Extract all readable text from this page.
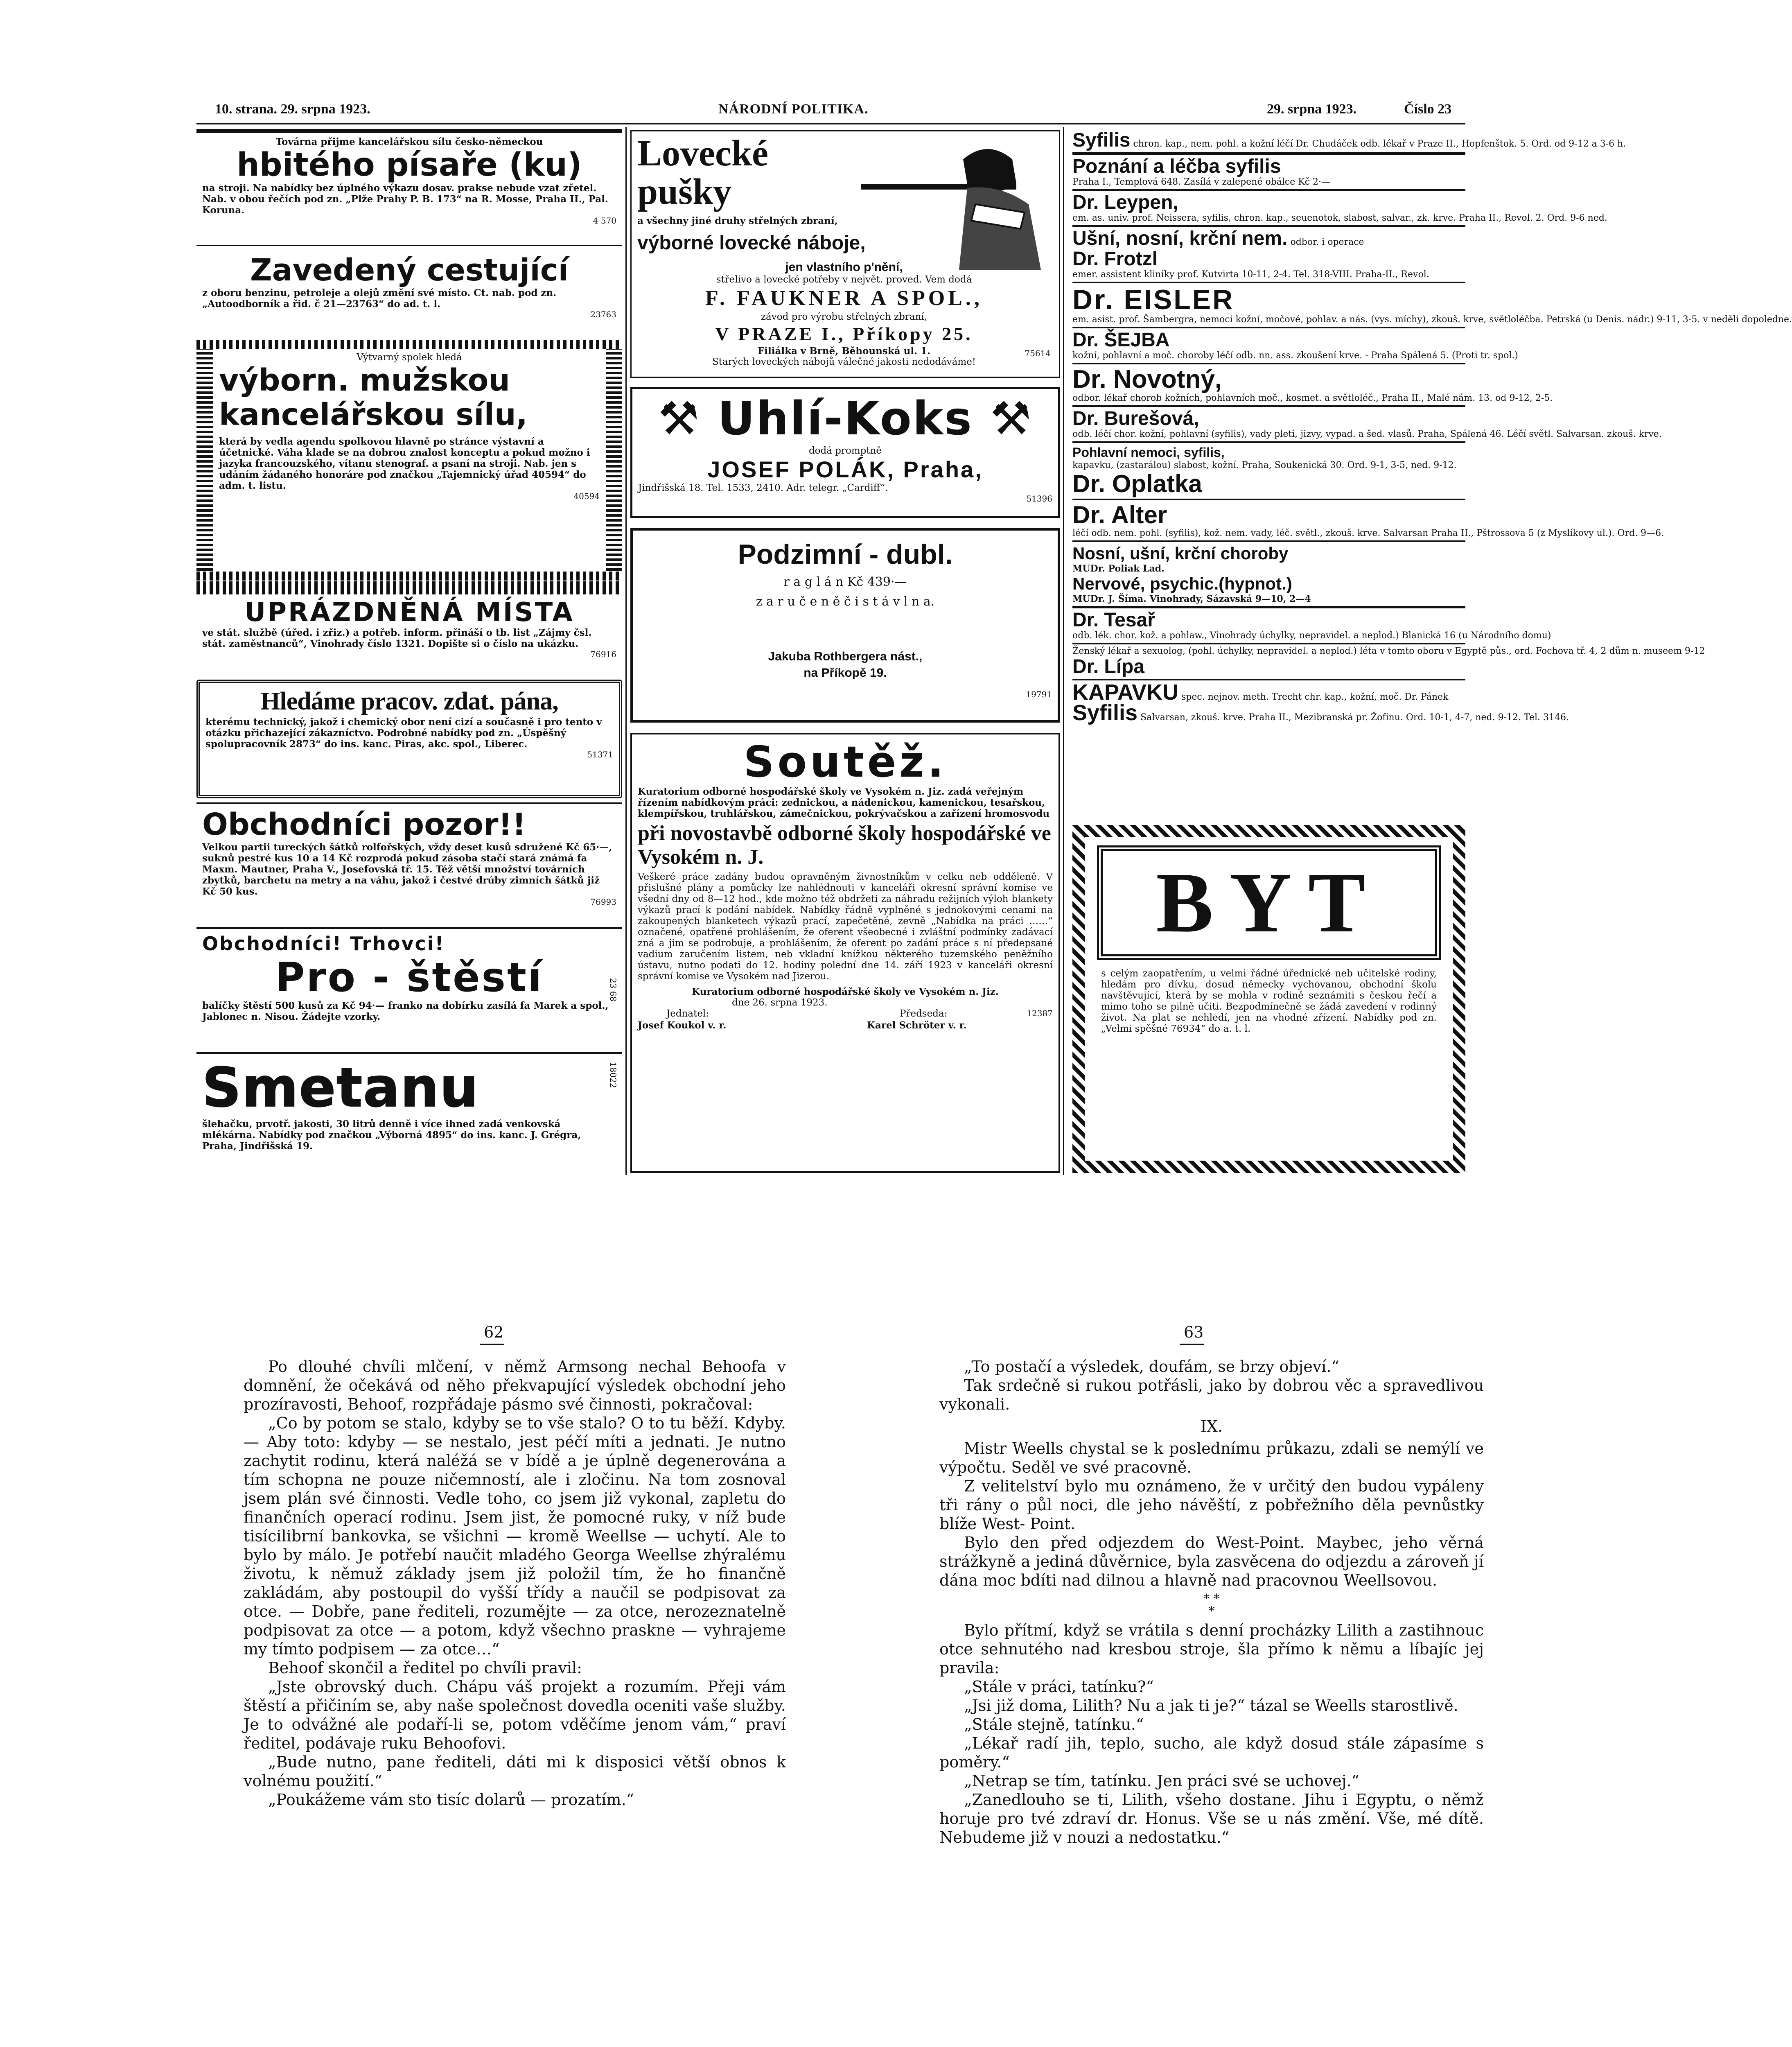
10. strana. 29. srpna 1923.	NÁRODNÍ POLITIKA.	29. srpna 1923.	Číslo 23
Továrna přijme kancelářskou sílu česko-německou
hbitého písaře (ku)
na stroji. Na nabídky bez úplného výkazu dosav. prakse nebude vzat zřetel. Nab. v obou řečích pod zn. „Plže Prahy P. B. 173“ na R. Mosse, Praha II., Pal. Koruna.
4 570
Zavedený cestující
z oboru benzinu, petroleje a olejů změní své místo. Ct. nab. pod zn. „Autoodborník a řid. č 21—23763“ do ad. t. l.
23763
Výtvarný spolek hledá
výborn. mužskou
kancelářskou sílu,
která by vedla agendu spolkovou hlavně po stránce výstavní a účetnické. Váha klade se na dobrou znalost konceptu a pokud možno i jazyka francouzského, vítanu stenograf. a psaní na stroji. Nab. jen s udáním žádaného honoráre pod značkou „Tajemnický úřad 40594“ do adm. t. listu.
40594
UPRÁZDNĚNÁ MÍSTA
ve stát. službě (úřed. i zřiz.) a potřeb. inform. přináší o tb. list „Zájmy čsl. stát. zaměstnanců“, Vinohrady číslo 1321. Dopište si o číslo na ukázku.
76916
Hledáme pracov. zdat. pána,
kterému technický, jakož i chemický obor není cizí a současně i pro tento v otázku přichazející zákazníctvo. Podrobné nabídky pod zn. „Úspěšný spolupracovník 2873“ do ins. kanc. Piras, akc. spol., Liberec.
51371
Obchodníci pozor!!
Velkou partii tureckých šátků rolfořských, vždy deset kusů sdružené Kč 65·—, suknů pestré kus 10 a 14 Kč rozprodá pokud zásoba stačí stará známá fa Maxm. Mautner, Praha V., Josefovská tř. 15. Též větší množství továrních zbytků, barchetu na metry a na váhu, jakož i čestvé drúby zimních šátků již Kč 50 kus.
76993
Obchodníci! Trhovci!
Pro - štěstí
balíčky štěstí 500 kusů za Kč 94·— franko na dobírku zasílá fa Marek a spol., Jablonec n. Nisou. Žádejte vzorky.
23 68
Smetanu
šlehačku, prvotř. jakosti, 30 litrů denně i více ihned zadá venkovská mlékárna. Nabídky pod značkou „Výborná 4895“ do ins. kanc. J. Grégra, Praha, Jindřišská 19.
18022
Lovecké
pušky
a všechny jiné druhy střelných zbraní,
výborné lovecké náboje,
jen vlastního p'nění,
střelivo a lovecké potřeby v největ. proved. Vem dodá
F. FAUKNER A SPOL.,
závod pro výrobu střelných zbraní,
V PRAZE I., Příkopy 25.
Filiálka v Brně, Běhounská ul. 1.
Starých loveckých nábojů válečné jakosti nedodáváme!
75614
⚒ Uhlí-Koks ⚒
dodá promptně
JOSEF POLÁK, Praha,
Jindřišská 18. Tel. 1533, 2410. Adr. telegr. „Cardiff“.
51396
Podzimní - dubl.
r a g l á n Kč 439·—
z a r u č e n ě č i s t á v l n a.
Jakuba Rothbergera nást.,
na Příkopě 19.
19791
Soutěž.
Kuratorium odborné hospodářské školy ve Vysokém n. Jiz. zadá veřejným řízením nabídkovým práci: zednickou, a nádenickou, kamenickou, tesařskou, klempířskou, truhlářskou, zámečnickou, pokrývačskou a zařízení hromosvodu
při novostavbě odborné školy hospodářské ve Vysokém n. J.
Veškeré práce zadány budou opravněným živnostníkům v celku neb odděleně. V přislušné plány a pomůcky lze nahlédnouti v kanceláři okresní správní komise ve všední dny od 8—12 hod., kde možno též obdržeti za náhradu režijních výloh blankety výkazů prací k podání nabídek. Nabídky řádně vyplněné s jednokovými cenami na zakoupených blanketech výkazů prací, zapečetěné, zevně „Nabídka na práci ……“ označené, opatřené prohlášením, že oferent všeobecné i zvláštní podmínky zadávací zná a jim se podrobuje, a prohlášením, že oferent po zadání práce s ní předepsané vadium zaručením listem, neb vkladní knížkou některého tuzemského peněžního ústavu, nutno podati do 12. hodiny polední dne 14. září 1923 v kanceláři okresní správní komise ve Vysokém nad Jizerou.
Kuratorium odborné hospodářské školy ve Vysokém n. Jiz.
dne 26. srpna 1923.
Jednatel:
Josef Koukol v. r.
Předseda:
Karel Schröter v. r.
12387
Syfilis chron. kap., nem. pohl. a kožní léčí Dr. Chudáček odb. lékař v Praze II., Hopfenštok. 5. Ord. od 9-12 a 3-6 h.
Poznání a léčba syfilis
Praha I., Templová 648. Zasílá v zalepené obálce Kč 2·—
Dr. Leypen,
em. as. univ. prof. Neissera, syfilis, chron. kap., seuenotok, slabost, salvar., zk. krve. Praha II., Revol. 2. Ord. 9-6 ned.
Ušní, nosní, krční nem. odbor. i operace
Dr. Frotzl
emer. assistent kliniky prof. Kutvirta 10-11, 2-4. Tel. 318-VIII. Praha-II., Revol.
Dr. EISLER
em. asist. prof. Šambergra, nemoci kožní, močové, pohlav. a nás. (vys. míchy), zkouš. krve, světloléčba. Petrská (u Denis. nádr.) 9-11, 3-5. v neděli dopoledne.
Dr. ŠEJBA
kožní, pohlavní a moč. choroby léčí odb. nn. ass. zkoušení krve. - Praha Spálená 5. (Proti tr. spol.)
Dr. Novotný,
odbor. lékař chorob kožních, pohlavních moč., kosmet. a světloléč., Praha II., Malé nám. 13. od 9-12, 2-5.
Dr. Burešová,
odb. léčí chor. kožní, pohlavní (syfilis), vady pleti, jizvy, vypad. a šed. vlasů. Praha, Spálená 46. Léčí světl. Salvarsan. zkouš. krve.
Pohlavní nemoci, syfilis,
kapavku, (zastarálou) slabost, kožní. Praha, Soukenická 30. Ord. 9-1, 3-5, ned. 9-12.
Dr. Oplatka
Dr. Alter
léčí odb. nem. pohl. (syfilis), kož. nem. vady, léč. světl., zkouš. krve. Salvarsan Praha II., Pštrossova 5 (z Myslíkovy ul.). Ord. 9—6.
Nosní, ušní, krční choroby
MUDr. Poliak Lad.
Nervové, psychic.(hypnot.)
MUDr. J. Šíma. Vinohrady, Sázavská 9—10, 2—4
Dr. Tesař
odb. lék. chor. kož. a pohlaw., Vinohrady úchylky, nepravidel. a neplod.) Blanická 16 (u Národního domu)
Ženský lékař a sexuolog, (pohl. úchylky, nepravidel. a neplod.) léta v tomto oboru v Egyptě půs., ord. Fochova tř. 4, 2 dům n. museem 9-12
Dr. Lípa
KAPAVKU spec. nejnov. meth. Trecht chr. kap., kožní, moč. Dr. Pánek
Syfilis Salvarsan, zkouš. krve. Praha II., Mezibranská pr. Žofínu. Ord. 10-1, 4-7, ned. 9-12. Tel. 3146.
BYT
s celým zaopatřením, u velmi řádné úřednické neb učitelské rodiny, hledám pro dívku, dosud německy vychovanou, obchodní školu navštěvující, která by se mohla v rodině seznámiti s českou řečí a mimo toho se pilně učiti. Bezpodmínečně se žádá zavedení v rodinný život. Na plat se nehledí, jen na vhodné zřízení. Nabídky pod zn. „Velmi spěšné 76934“ do a. t. l.
62	63

Po dlouhé chvíli mlčení, v němž Armsong nechal Behoofa v domnění, že očekává od něho překvapující výsledek obchodní jeho prozíravosti, Behoof, rozpřádaje pásmo své činnosti, pokračoval:

„Co by potom se stalo, kdyby se to vše stalo? O to tu běží. Kdyby. — Aby toto: kdyby — se nestalo, jest péčí míti a jednati. Je nutno zachytit rodinu, která naléžá se v bídě a je úplně degenerována a tím schopna ne pouze ničemností, ale i zločinu. Na tom zosnoval jsem plán své činnosti. Vedle toho, co jsem již vykonal, zapletu do finančních operací rodinu. Jsem jist, že pomocné ruky, v níž bude tisícilibrní bankovka, se všichni — kromě Weellse — uchytí. Ale to bylo by málo. Je potřebí naučit mladého Georga Weellse zhýralému životu, k němuž základy jsem již položil tím, že ho finančně zakládám, aby postoupil do vyšší třídy a naučil se podpisovat za otce. — Dobře, pane řediteli, rozumějte — za otce, nerozeznatelně podpisovat za otce — a potom, když všechno praskne — vyhrajeme my tímto podpisem — za otce…“

Behoof skončil a ředitel po chvíli pravil:

„Jste obrovský duch. Chápu váš projekt a rozumím. Přeji vám štěstí a přičiním se, aby naše společnost dovedla oceniti vaše služby. Je to odvážné ale podaří-li se, potom vděčíme jenom vám,“ praví ředitel, podávaje ruku Behoofovi.

„Bude nutno, pane řediteli, dáti mi k disposici větší obnos k volnému použití.“

„Poukážeme vám sto tisíc dolarů — prozatím.“

„To postačí a výsledek, doufám, se brzy objeví.“

Tak srdečně si rukou potřásli, jako by dobrou věc a spravedlivou vykonali.

IX.

Mistr Weells chystal se k poslednímu průkazu, zdali se nemýlí ve výpočtu. Seděl ve své pracovně.

Z velitelství bylo mu oznámeno, že v určitý den budou vypáleny tři rány o půl noci, dle jeho návěští, z pobřežního děla pevnůstky blíže West- Point.

Bylo den před odjezdem do West-Point. Maybec, jeho věrná strážkyně a jediná důvěrnice, byla zasvěcena do odjezdu a zároveň jí dána moc bdíti nad dilnou a hlavně nad pracovnou Weellsovou.

* *
*

Bylo přítmí, když se vrátila s denní procházky Lilith a zastihnouc otce sehnutého nad kresbou stroje, šla přímo k němu a líbajíc jej pravila:

„Stále v práci, tatínku?“

„Jsi již doma, Lilith? Nu a jak ti je?“ tázal se Weells starostlivě.

„Stále stejně, tatínku.“

„Lékař radí jih, teplo, sucho, ale když dosud stále zápasíme s poměry.“

„Netrap se tím, tatínku. Jen práci své se uchovej.“

„Zanedlouho se ti, Lilith, všeho dostane. Jihu i Egyptu, o němž horuje pro tvé zdraví dr. Honus. Vše se u nás změní. Vše, mé dítě. Nebudeme již v nouzi a nedostatku.“
